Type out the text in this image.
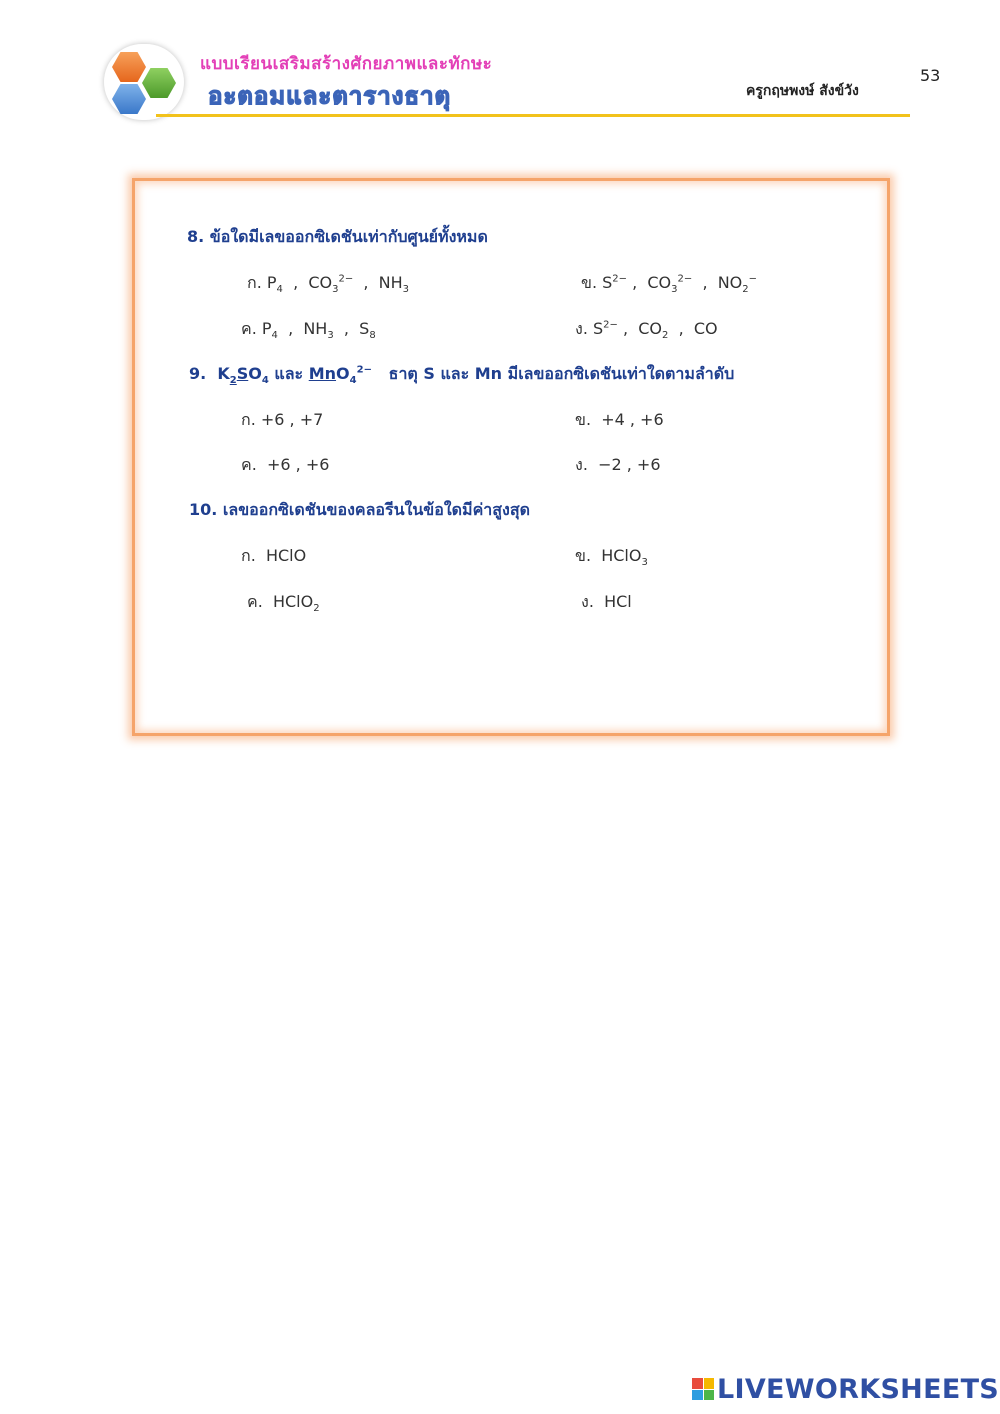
แบบเรียนเสริมสร้างศักยภาพและทักษะ
อะตอมและตารางธาตุ	ครูกฤษพงษ์ สังข์วัง
53
8. ข้อใดมีเลขออกซิเดชันเท่ากับศูนย์ทั้งหมด
ก. $P_4$  ,  $CO_3^{2-}$  ,  $NH_3$	ข. $S^{2-}$ ,  $CO_3^{2-}$  ,  $NO_2^-$
ค. $P_4$  ,  $NH_3$  ,  $S_8$	ง. $S^{2-}$ ,  $CO_2$  ,  CO
9.  $K_2SO_4$ และ MnO$_4^{2-}$ ธาตุ S และ Mn มีเลขออกซิเดชันเท่าใดตามลำดับ
ก. +6 , +7	ข. +4 , +6
ค. +6 , +6	ง. −2 , +6
10. เลขออกซิเดชันของคลอรีนในข้อใดมีค่าสูงสุด
ก.  HClO	ข.  HClO$_3$
ค.  HClO$_2$	ง. HCl
LIVEWORKSHEETS
